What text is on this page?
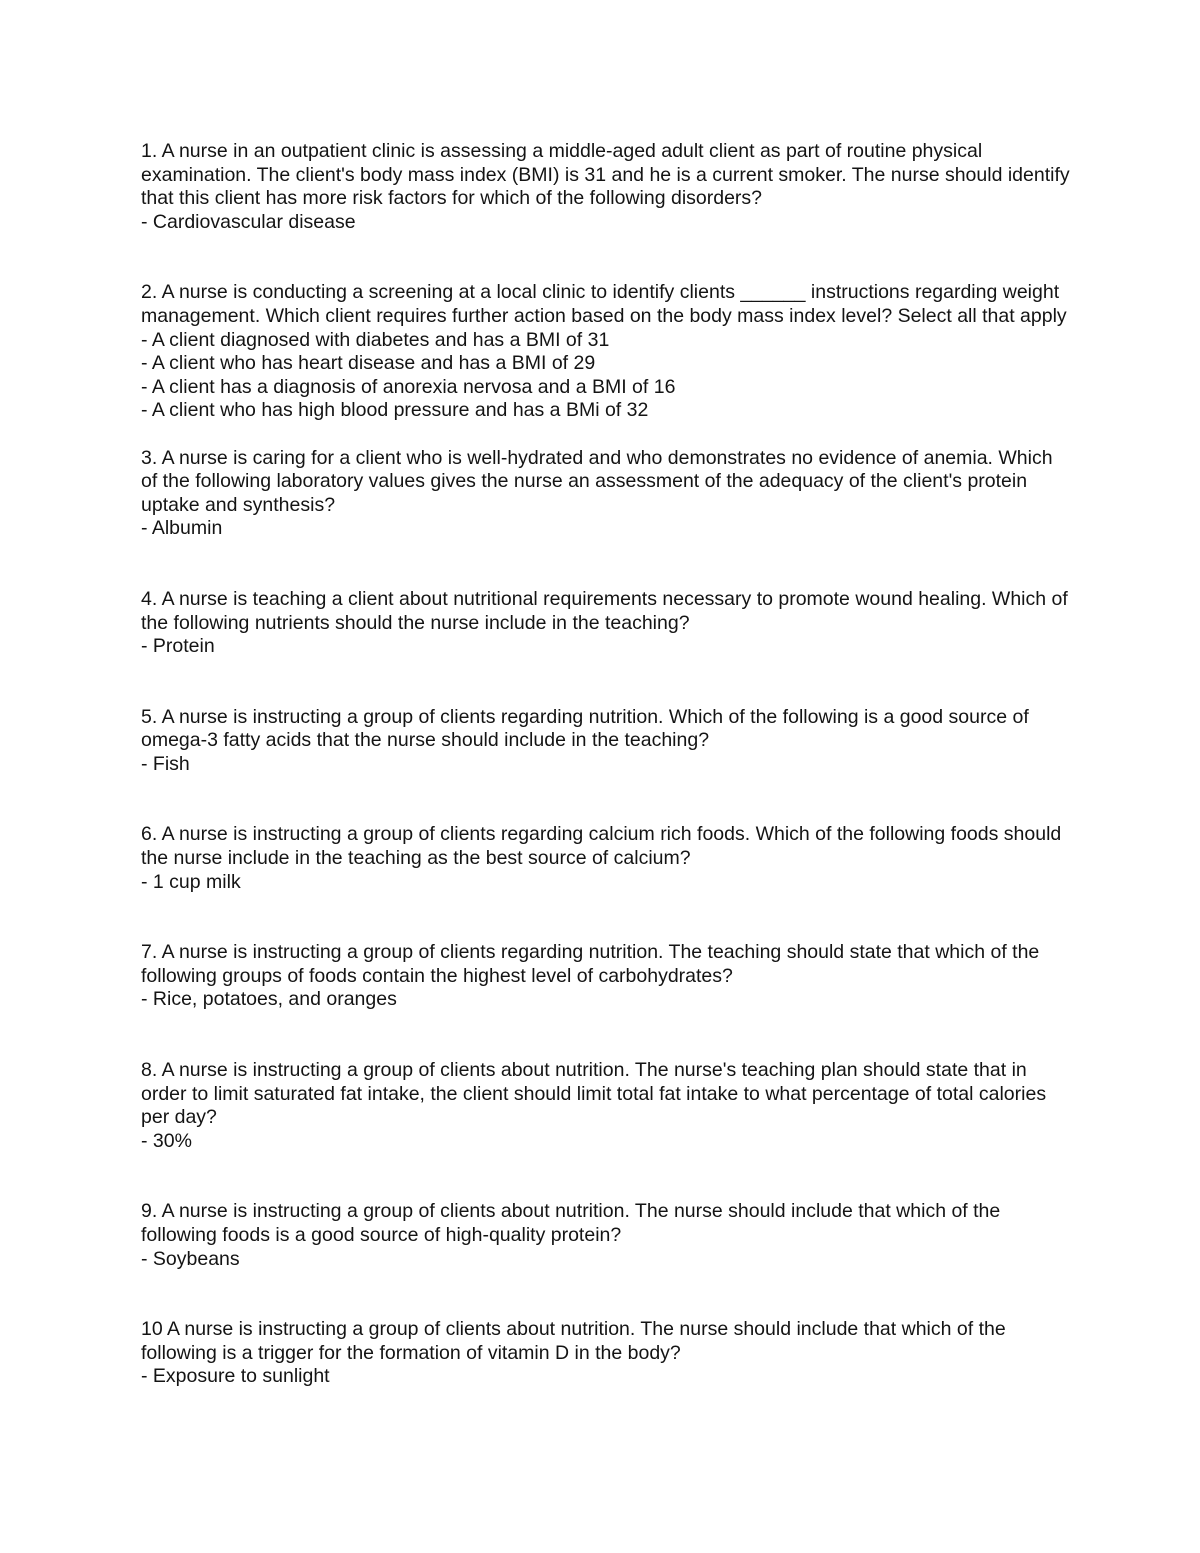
1. A nurse in an outpatient clinic is assessing a middle-aged adult client as part of routine physical examination. The client's body mass index (BMI) is 31 and he is a current smoker. The nurse should identify that this client has more risk factors for which of the following disorders?

- Cardiovascular disease

2. A nurse is conducting a screening at a local clinic to identify clients ______ instructions regarding weight management. Which client requires further action based on the body mass index level? Select all that apply

- A client diagnosed with diabetes and has a BMI of 31

- A client who has heart disease and has a BMI of 29

- A client has a diagnosis of anorexia nervosa and a BMI of 16

- A client who has high blood pressure and has a BMi of 32

3. A nurse is caring for a client who is well-hydrated and who demonstrates no evidence of anemia. Which of the following laboratory values gives the nurse an assessment of the adequacy of the client's protein uptake and synthesis?

- Albumin

4. A nurse is teaching a client about nutritional requirements necessary to promote wound healing. Which of the following nutrients should the nurse include in the teaching?

- Protein

5. A nurse is instructing a group of clients regarding nutrition. Which of the following is a good source of omega-3 fatty acids that the nurse should include in the teaching?

- Fish

6. A nurse is instructing a group of clients regarding calcium rich foods. Which of the following foods should the nurse include in the teaching as the best source of calcium?

- 1 cup milk

7. A nurse is instructing a group of clients regarding nutrition. The teaching should state that which of the following groups of foods contain the highest level of carbohydrates?

- Rice, potatoes, and oranges

8. A nurse is instructing a group of clients about nutrition. The nurse's teaching plan should state that in order to limit saturated fat intake, the client should limit total fat intake to what percentage of total calories per day?

- 30%

9. A nurse is instructing a group of clients about nutrition. The nurse should include that which of the following foods is a good source of high-quality protein?

- Soybeans

10 A nurse is instructing a group of clients about nutrition. The nurse should include that which of the following is a trigger for the formation of vitamin D in the body?

- Exposure to sunlight
